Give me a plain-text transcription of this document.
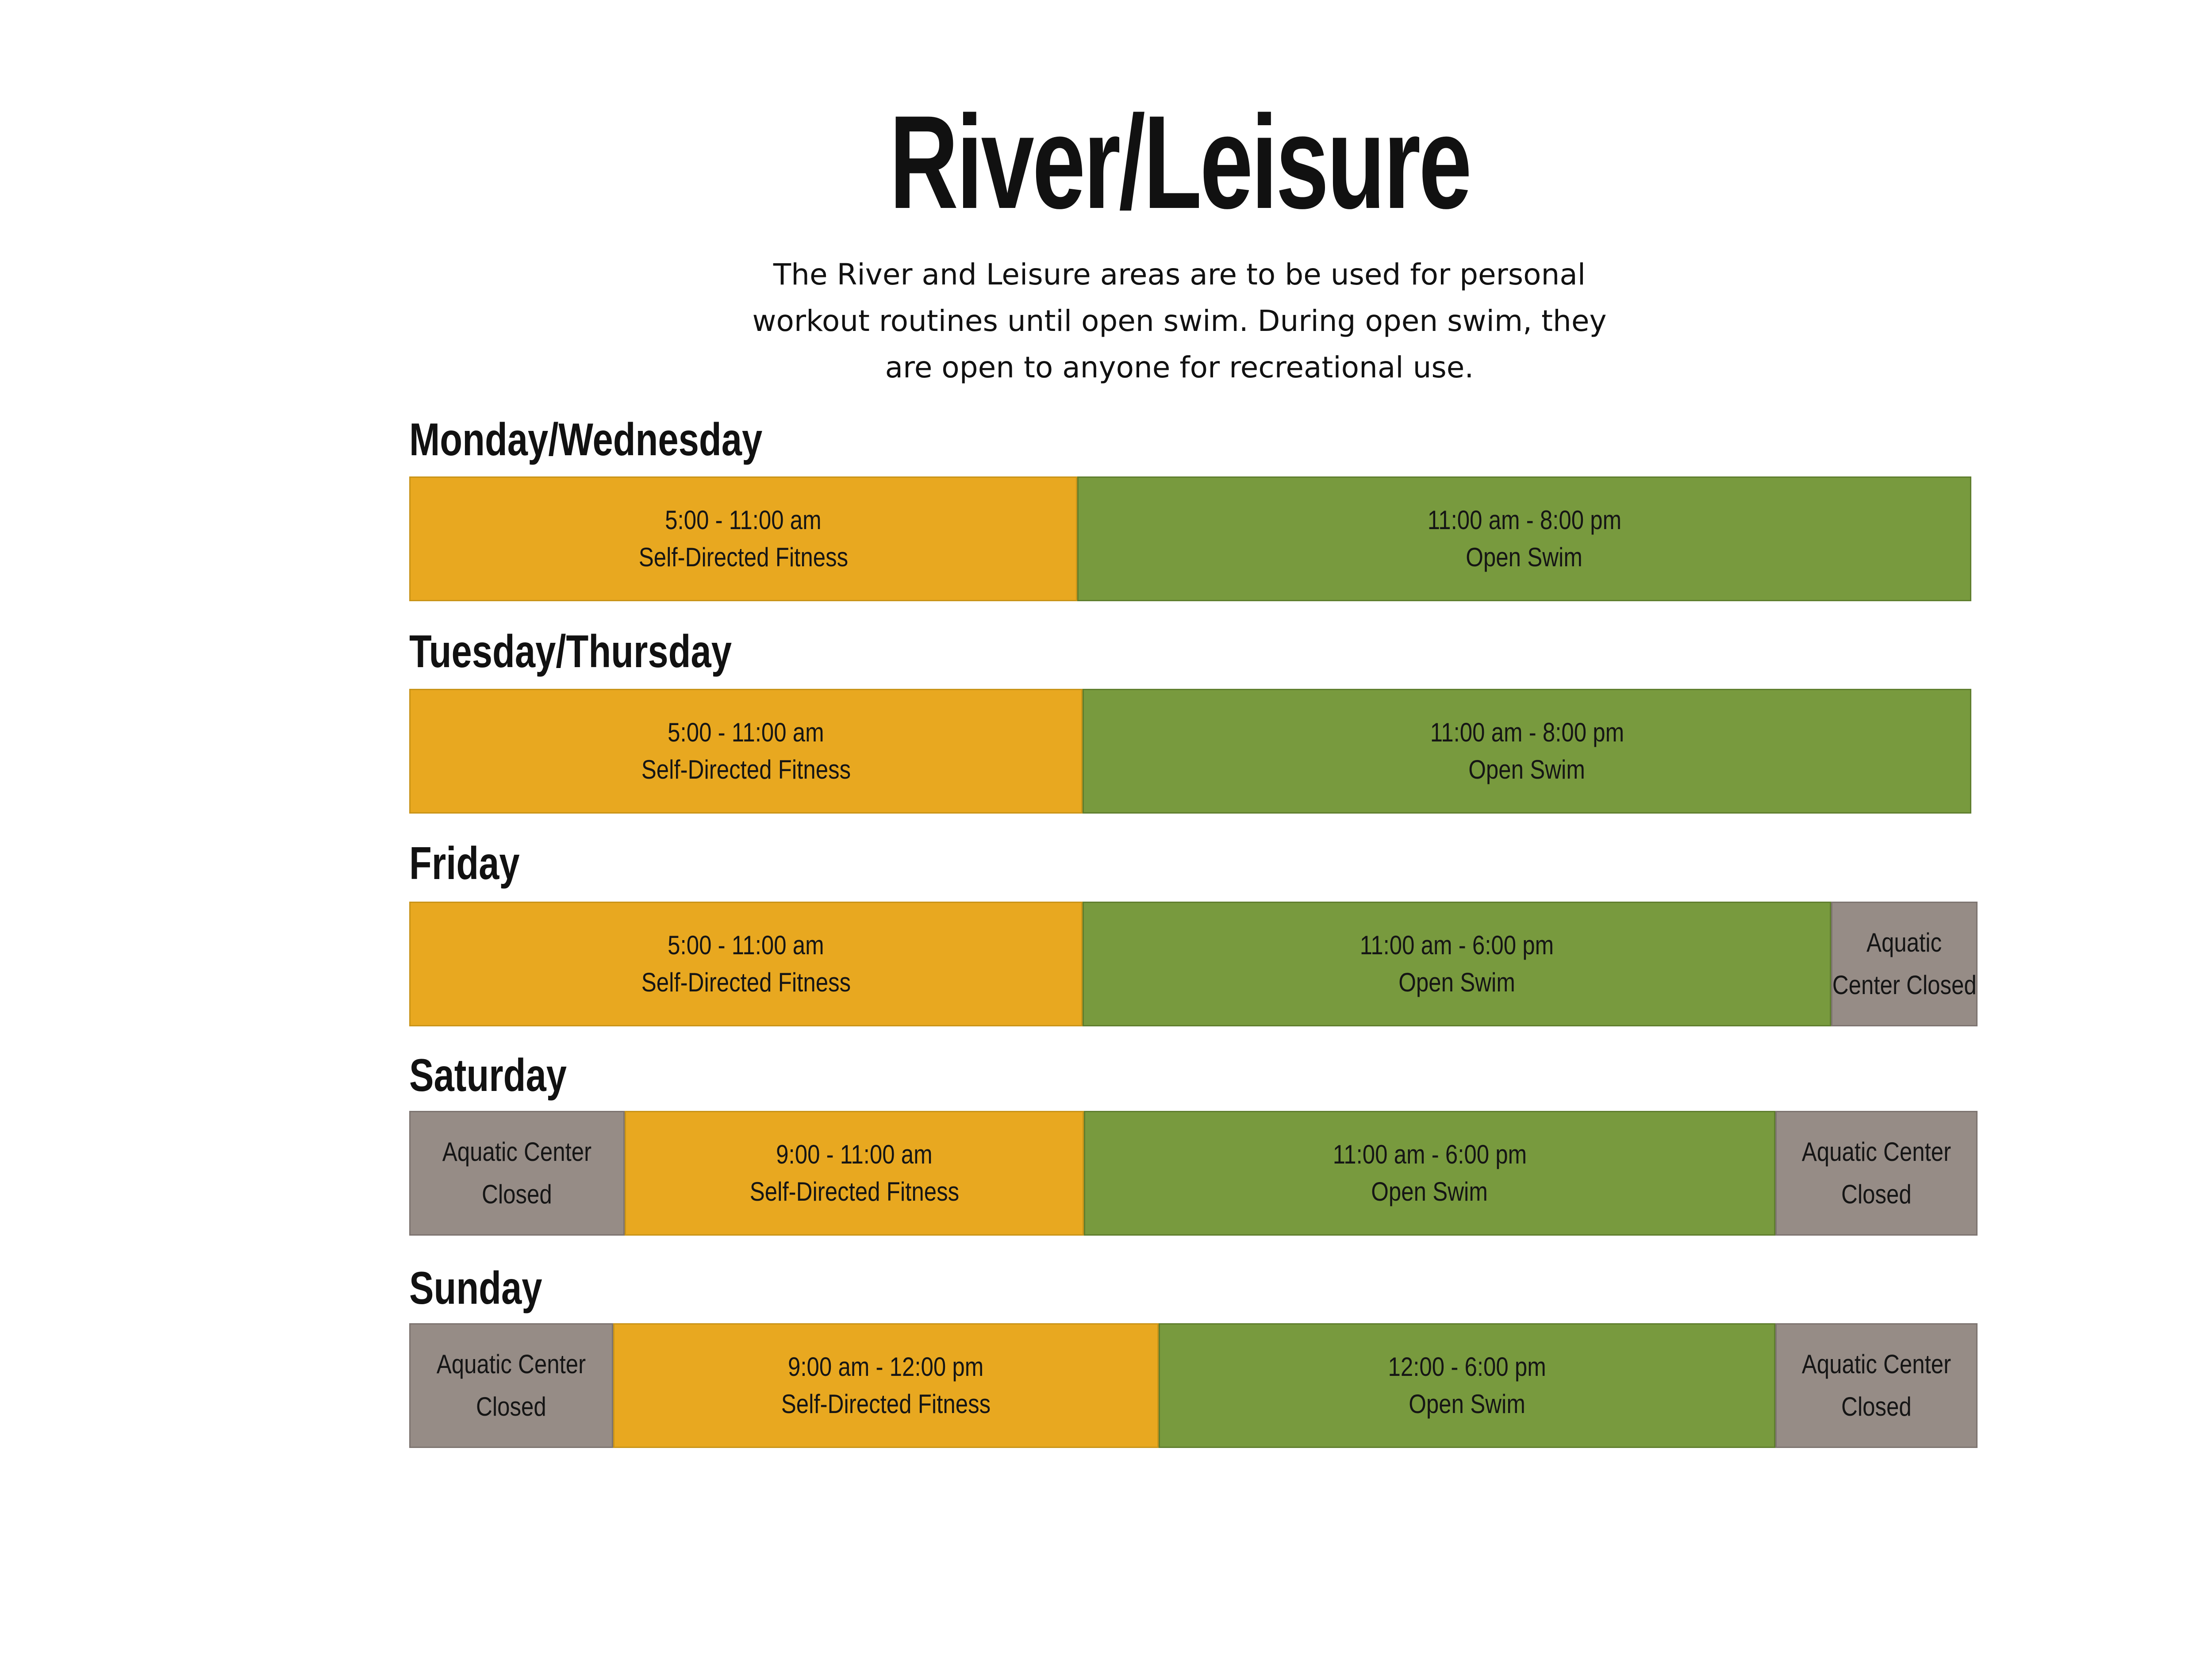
River/Leisure

The River and Leisure areas are to be used for personal workout routines until open swim. During open swim, they are open to anyone for recreational use.

Monday/Wednesday
5:00 - 11:00 am
Self-Directed Fitness
11:00 am - 8:00 pm
Open Swim
Tuesday/Thursday
5:00 - 11:00 am
Self-Directed Fitness
11:00 am - 8:00 pm
Open Swim
Friday
5:00 - 11:00 am
Self-Directed Fitness
11:00 am - 6:00 pm
Open Swim
Aquatic
Center Closed
Saturday
Aquatic Center
Closed
9:00 - 11:00 am
Self-Directed Fitness
11:00 am - 6:00 pm
Open Swim
Aquatic Center
Closed
Sunday
Aquatic Center
Closed
9:00 am - 12:00 pm
Self-Directed Fitness
12:00 - 6:00 pm
Open Swim
Aquatic Center
Closed
